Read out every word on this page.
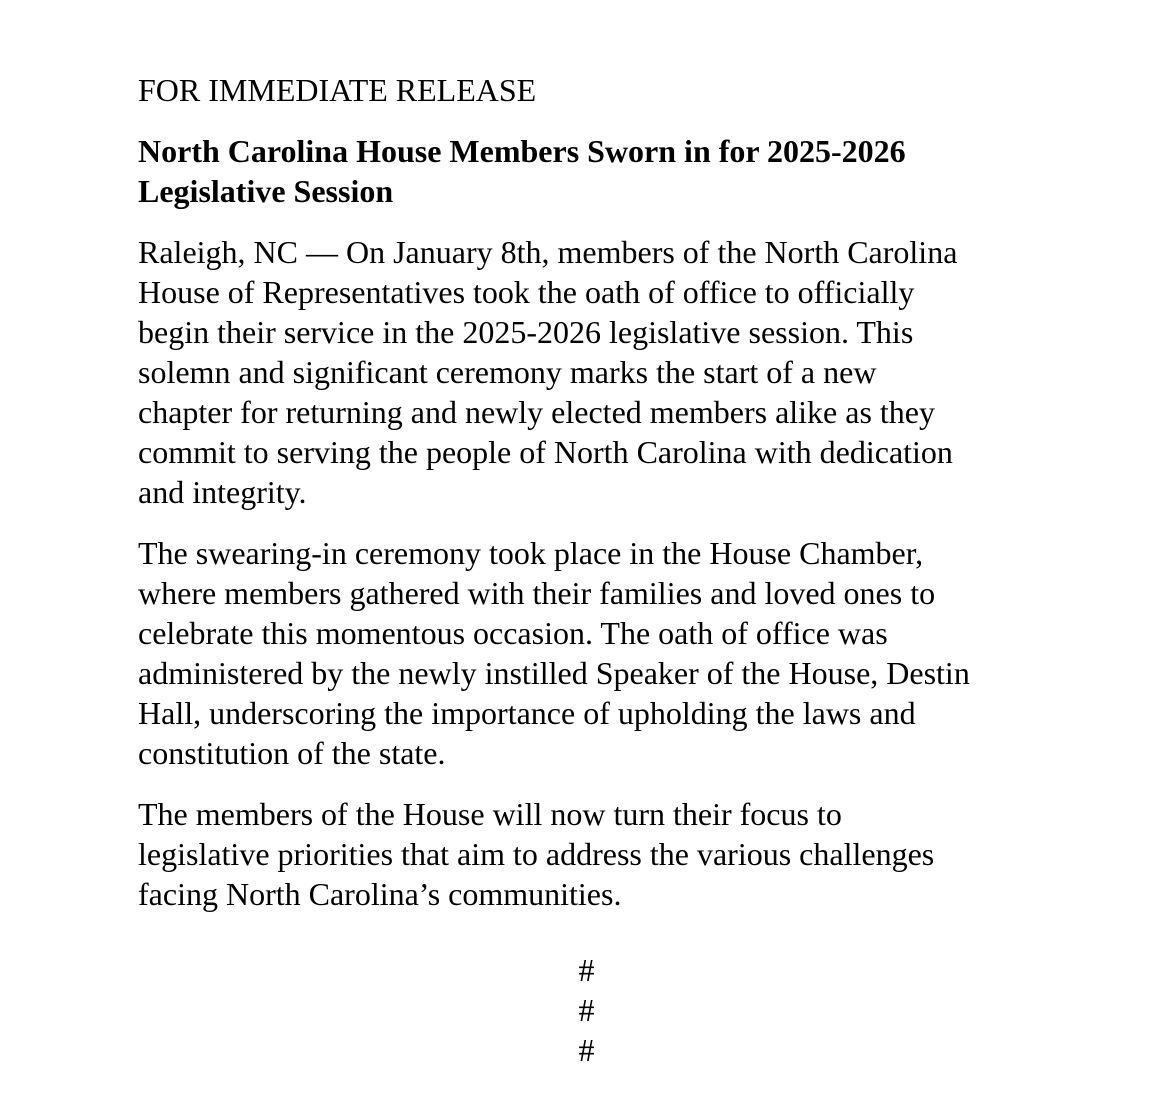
FOR IMMEDIATE RELEASE

North Carolina House Members Sworn in for 2025-2026
Legislative Session

Raleigh, NC — On January 8th, members of the North Carolina
House of Representatives took the oath of office to officially
begin their service in the 2025-2026 legislative session. This
solemn and significant ceremony marks the start of a new
chapter for returning and newly elected members alike as they
commit to serving the people of North Carolina with dedication
and integrity.

The swearing-in ceremony took place in the House Chamber,
where members gathered with their families and loved ones to
celebrate this momentous occasion. The oath of office was
administered by the newly instilled Speaker of the House, Destin
Hall, underscoring the importance of upholding the laws and
constitution of the state.

The members of the House will now turn their focus to
legislative priorities that aim to address the various challenges
facing North Carolina’s communities.

#
#
#
